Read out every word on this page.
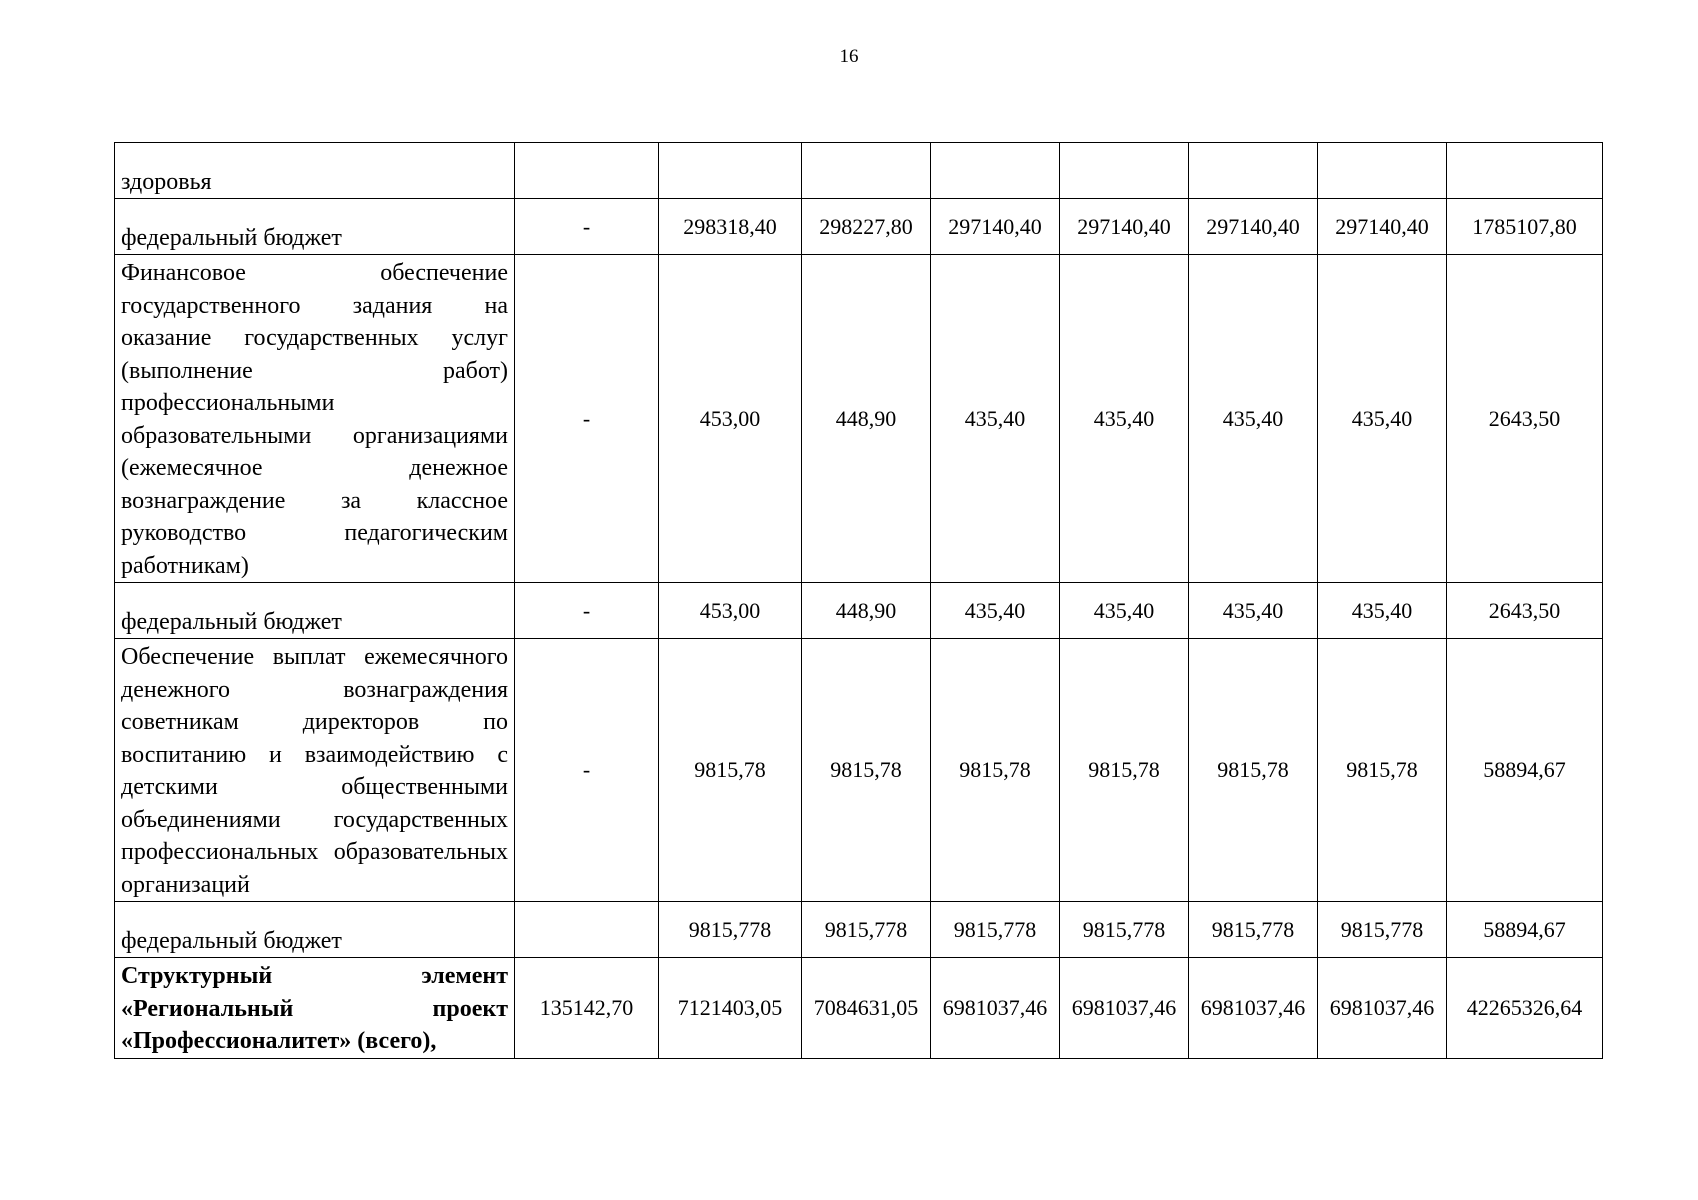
16
здоровья								
федеральный бюджет	-	298318,40	298227,80	297140,40	297140,40	297140,40	297140,40	1785107,80
Финансовое обеспечение государственного задания на оказание государственных услуг (выполнение работ) профессиональными образовательными организациями (ежемесячное денежное вознаграждение за классное руководство педагогическим работникам)	-	453,00	448,90	435,40	435,40	435,40	435,40	2643,50
федеральный бюджет	-	453,00	448,90	435,40	435,40	435,40	435,40	2643,50
Обеспечение выплат ежемесячного денежного вознаграждения советникам директоров по воспитанию и взаимодействию с детскими общественными объединениями государственных профессиональных образовательных организаций	-	9815,78	9815,78	9815,78	9815,78	9815,78	9815,78	58894,67
федеральный бюджет		9815,778	9815,778	9815,778	9815,778	9815,778	9815,778	58894,67
Структурный элемент «Региональный проект «Профессионалитет» (всего),	135142,70	7121403,05	7084631,05	6981037,46	6981037,46	6981037,46	6981037,46	42265326,64
